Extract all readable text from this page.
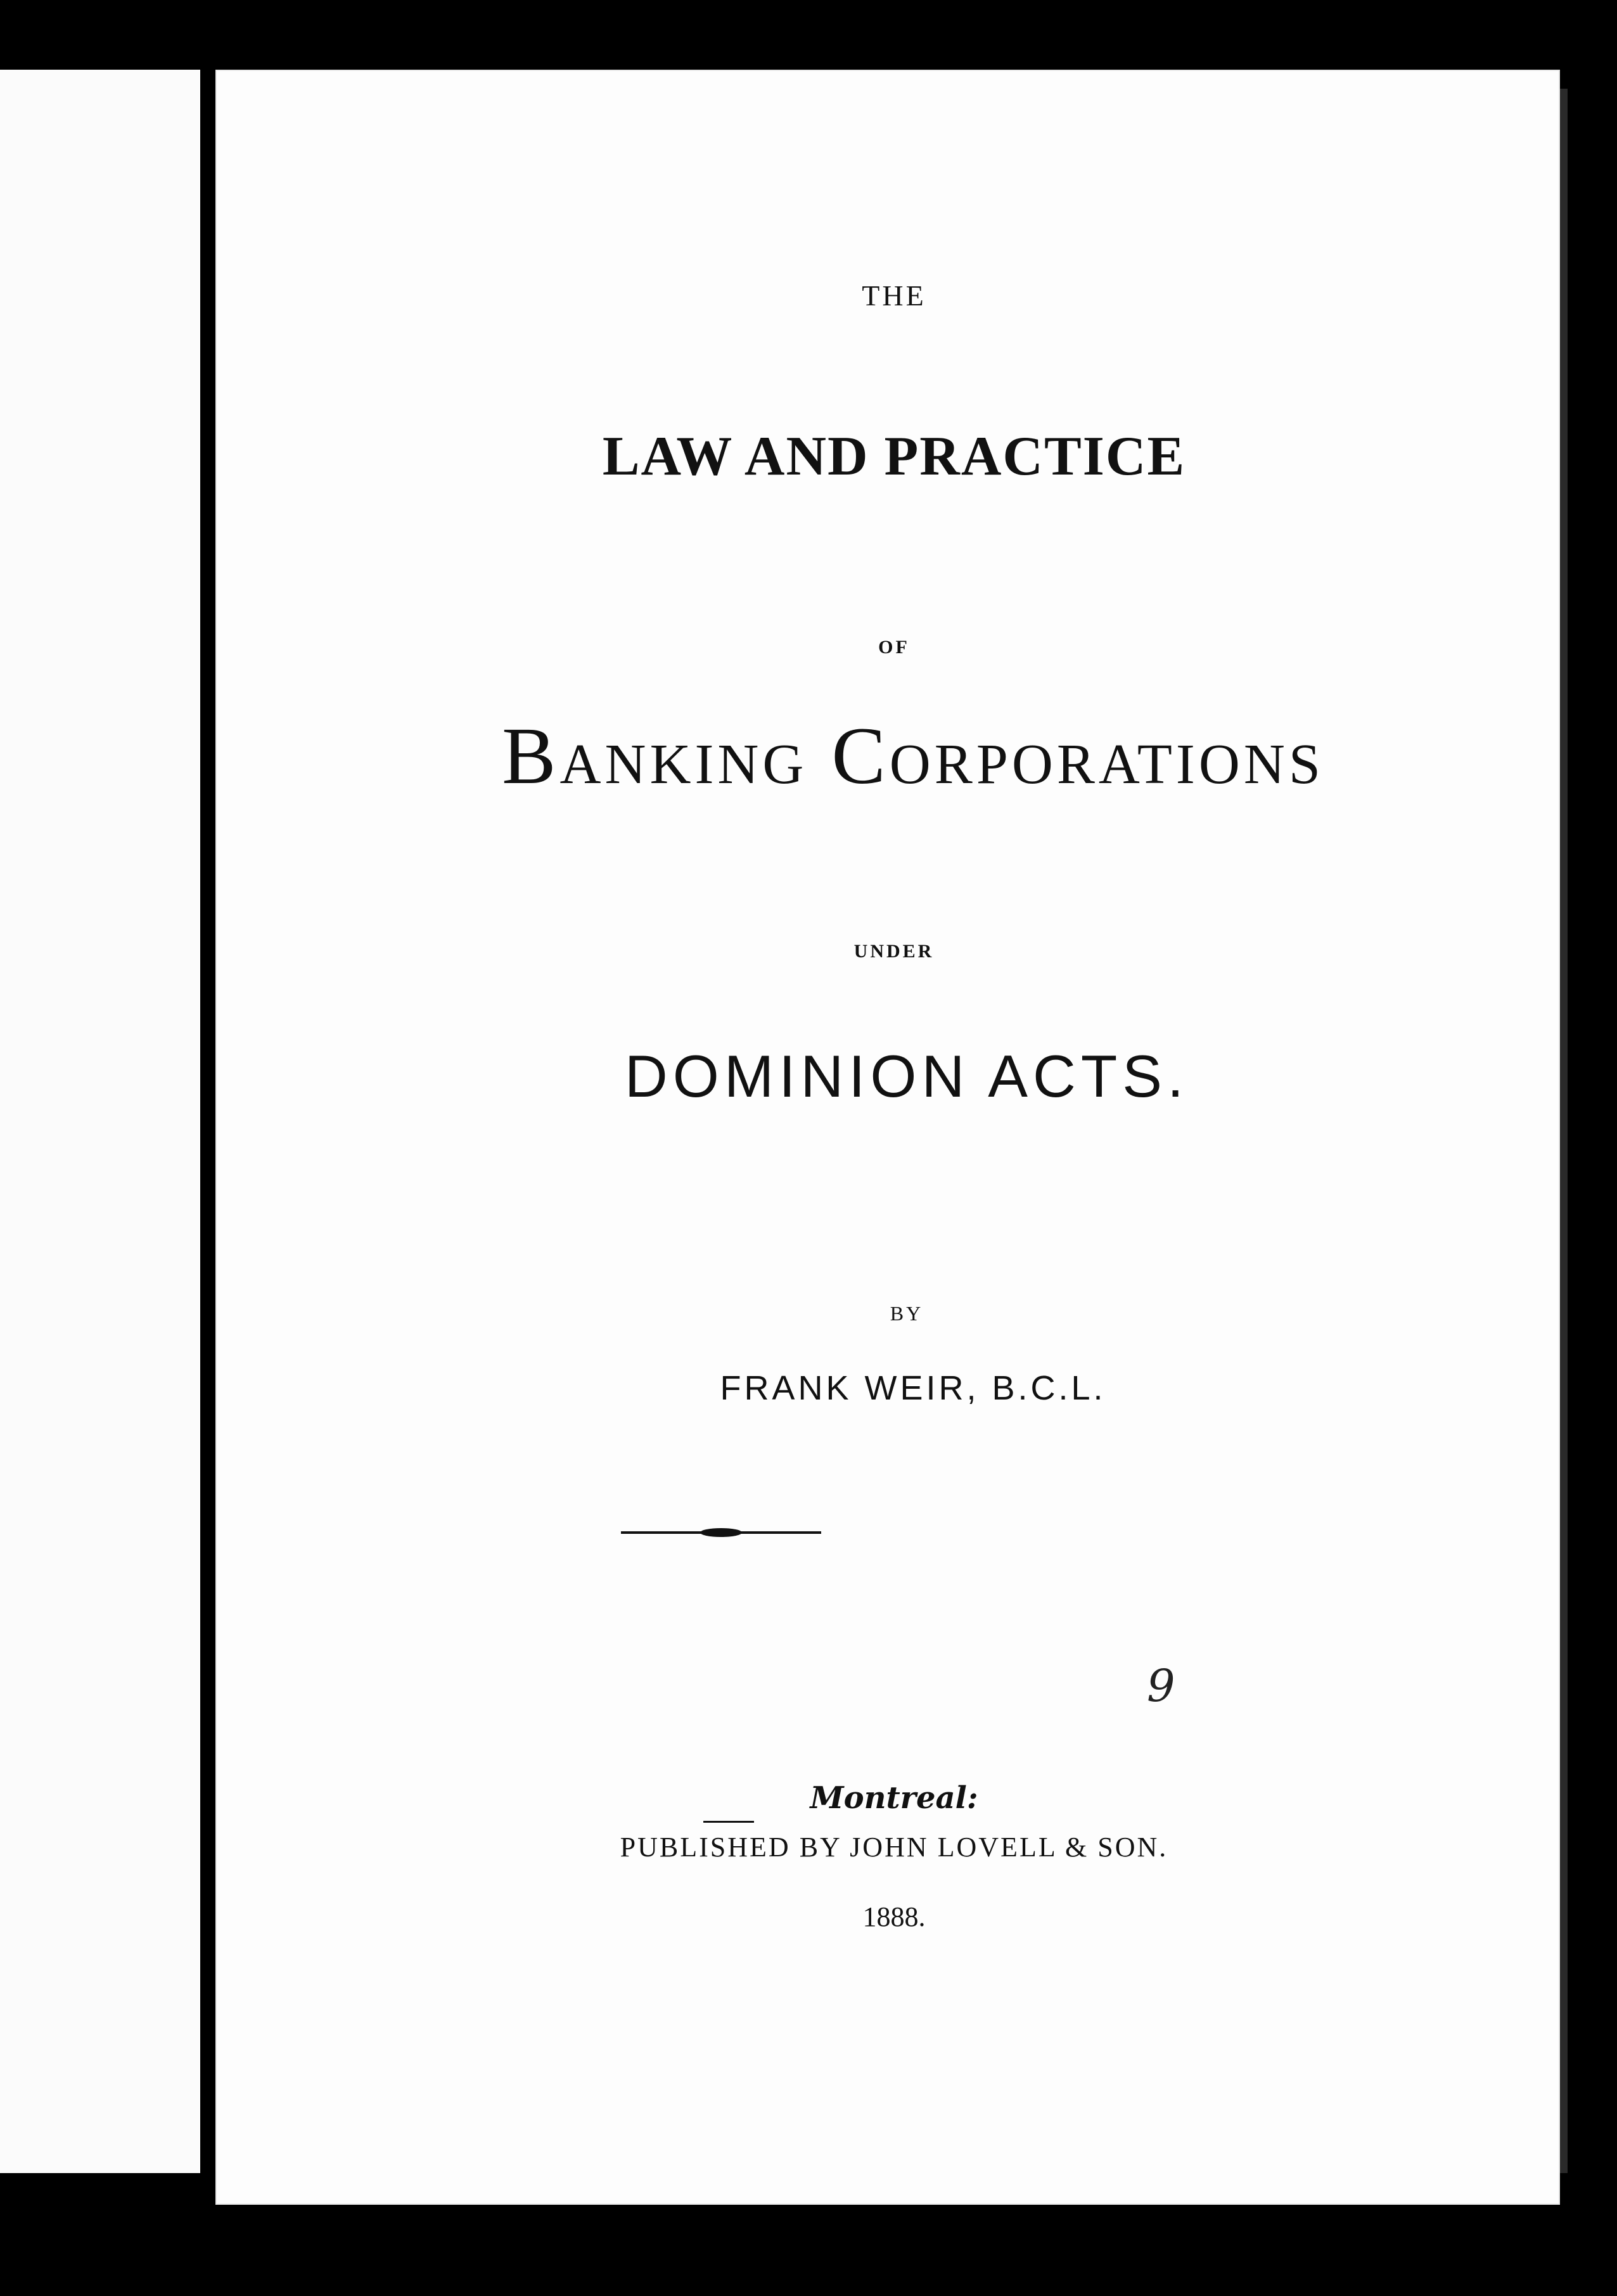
THE
LAW AND PRACTICE
OF
Banking Corporations
UNDER
DOMINION ACTS.
BY
FRANK WEIR, B.C.L.
Montreal:
PUBLISHED BY JOHN LOVELL & SON.
1888.
9
